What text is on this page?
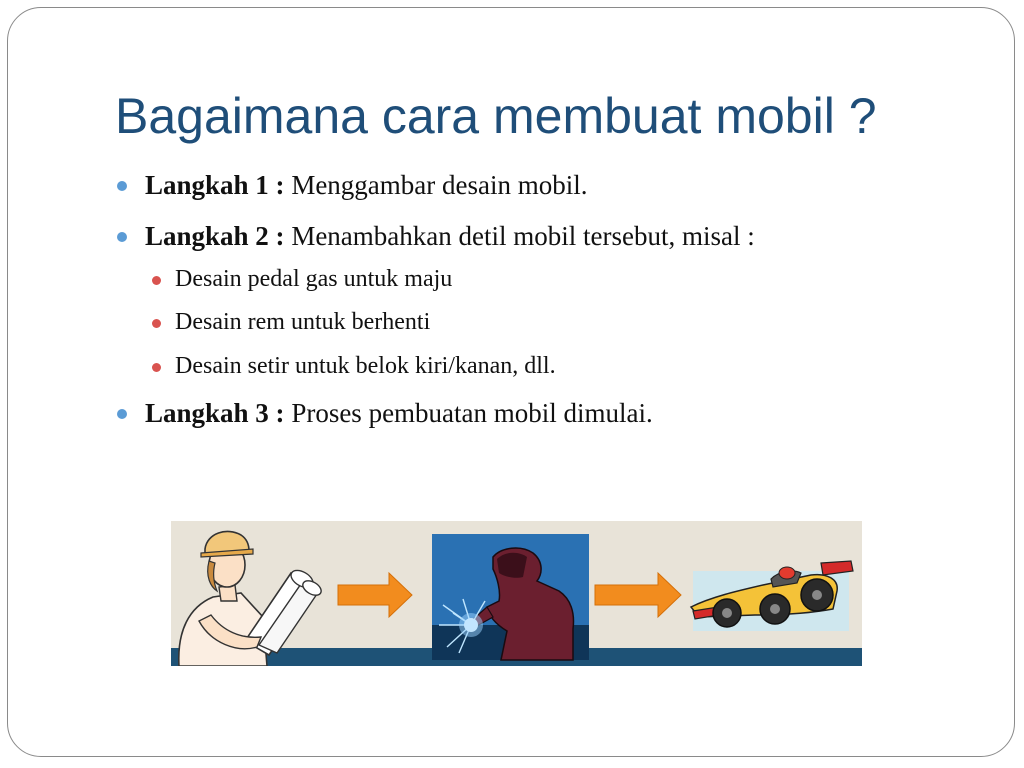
Bagaimana cara membuat mobil ?
Langkah 1 : Menggambar desain mobil.
Langkah 2 : Menambahkan detil mobil tersebut, misal :
Desain pedal gas untuk maju
Desain rem untuk berhenti
Desain setir untuk belok kiri/kanan, dll.
Langkah 3 : Proses pembuatan mobil dimulai.
